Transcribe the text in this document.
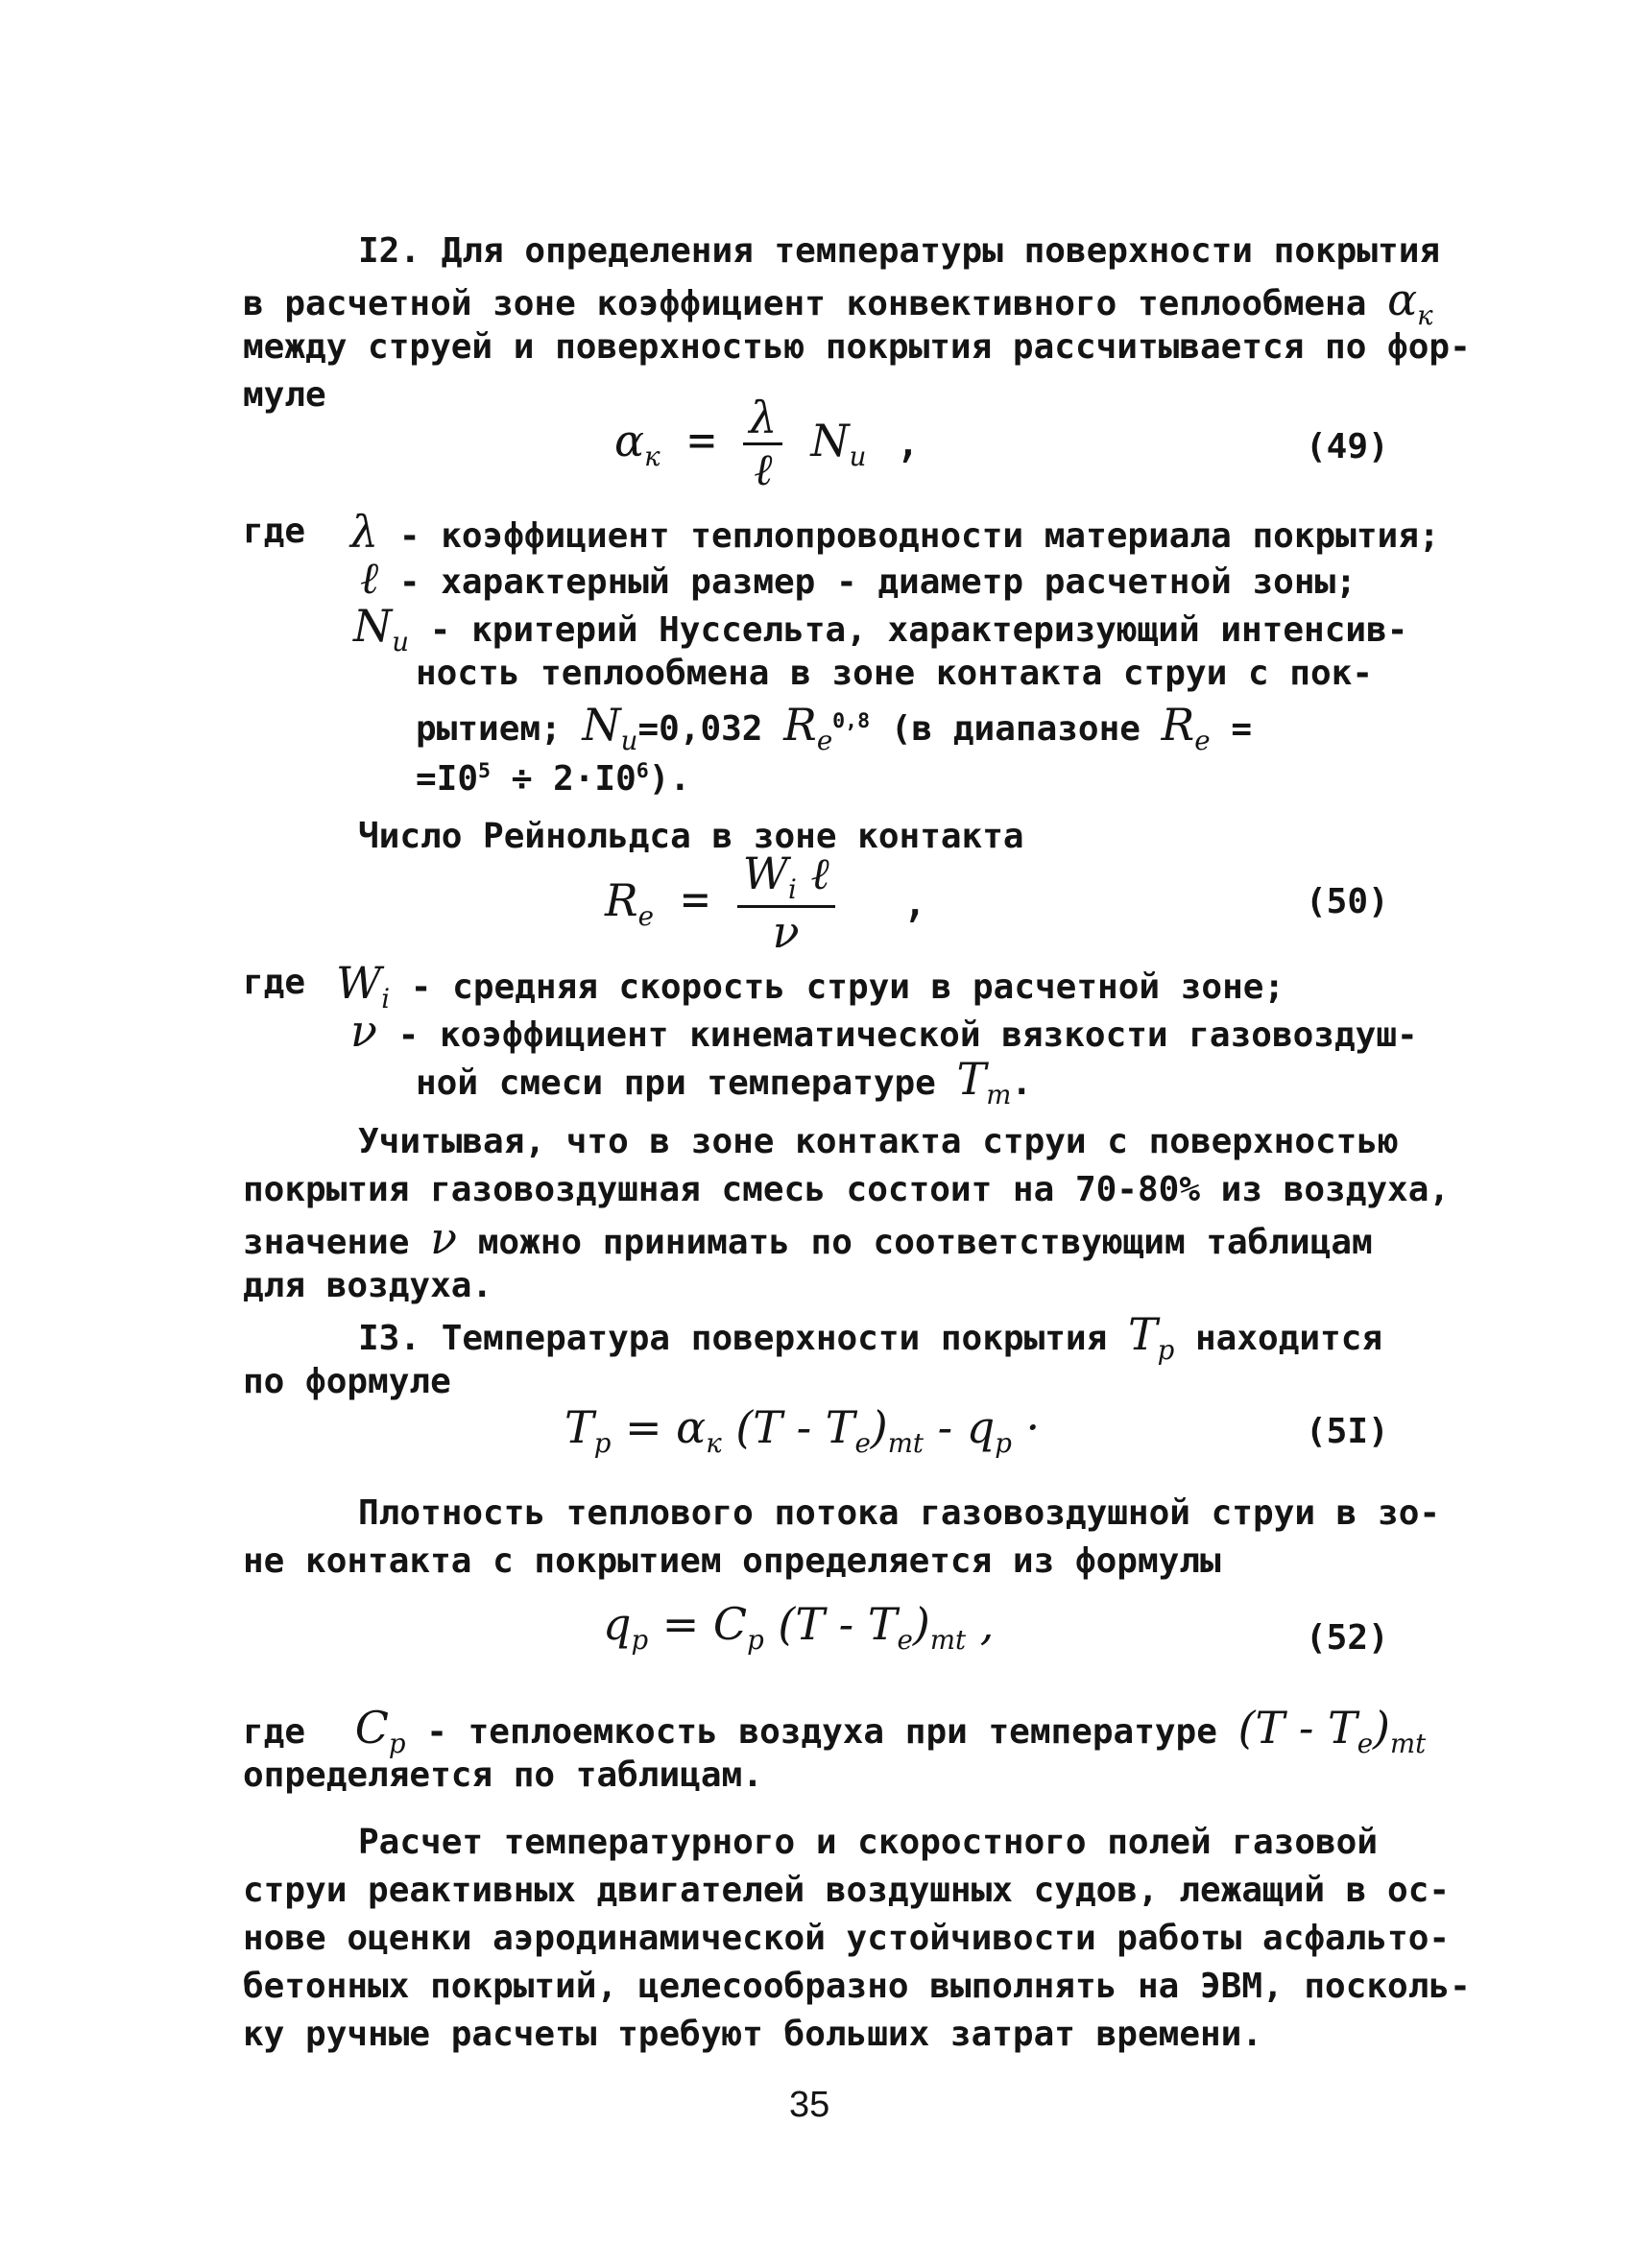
I2. Для определения температуры поверхности покрытия
в расчетной зоне коэффициент конвективного теплообмена $\alpha_к$
между струей и поверхностью покрытия рассчитывается по фор-
муле
$\alpha_к = \frac{\lambda}{\text{ℓ}} N_u$ ,	(49)
где λ - коэффициент теплопроводности материала покрытия;
ℓ - характерный размер - диаметр расчетной зоны;
$N_u$ - критерий Нуссельта, характеризующий интенсив-
ность теплообмена в зоне контакта струи с пок-
рытием; $N_u=0,032$ $R_e^{0,8}$ (в диапазоне $R_e$ =
$=I0^5 \div 2\cdot I0^6$).
Число Рейнольдса в зоне контакта
$R_e = \frac{W_i \ell}{\nu}$ ,	(50)
где $W_i$ - средняя скорость струи в расчетной зоне;
ν - коэффициент кинематической вязкости газовоздуш-
ной смеси при температуре $T_m$.
Учитывая, что в зоне контакта струи с поверхностью
покрытия газовоздушная смесь состоит на 70-80% из воздуха,
значение ν можно принимать по соответствующим таблицам
для воздуха.
I3. Температура поверхности покрытия $T_p$ находится
по формуле
$T_p = \alpha_к$ $(T - T_e)_{mt} - q_p$ ·	(5I)
Плотность теплового потока газовоздушной струи в зо-
не контакта с покрытием определяется из формулы
$q_p = C_p$ $(T - T_e)_{mt}$ ,	(52)
где $C_p$ - теплоемкость воздуха при температуре $(T - T_e)_{mt}$
определяется по таблицам.
Расчет температурного и скоростного полей газовой
струи реактивных двигателей воздушных судов, лежащий в ос-
нове оценки аэродинамической устойчивости работы асфальто-
бетонных покрытий, целесообразно выполнять на ЭВМ, посколь-
ку ручные расчеты требуют больших затрат времени.
35
